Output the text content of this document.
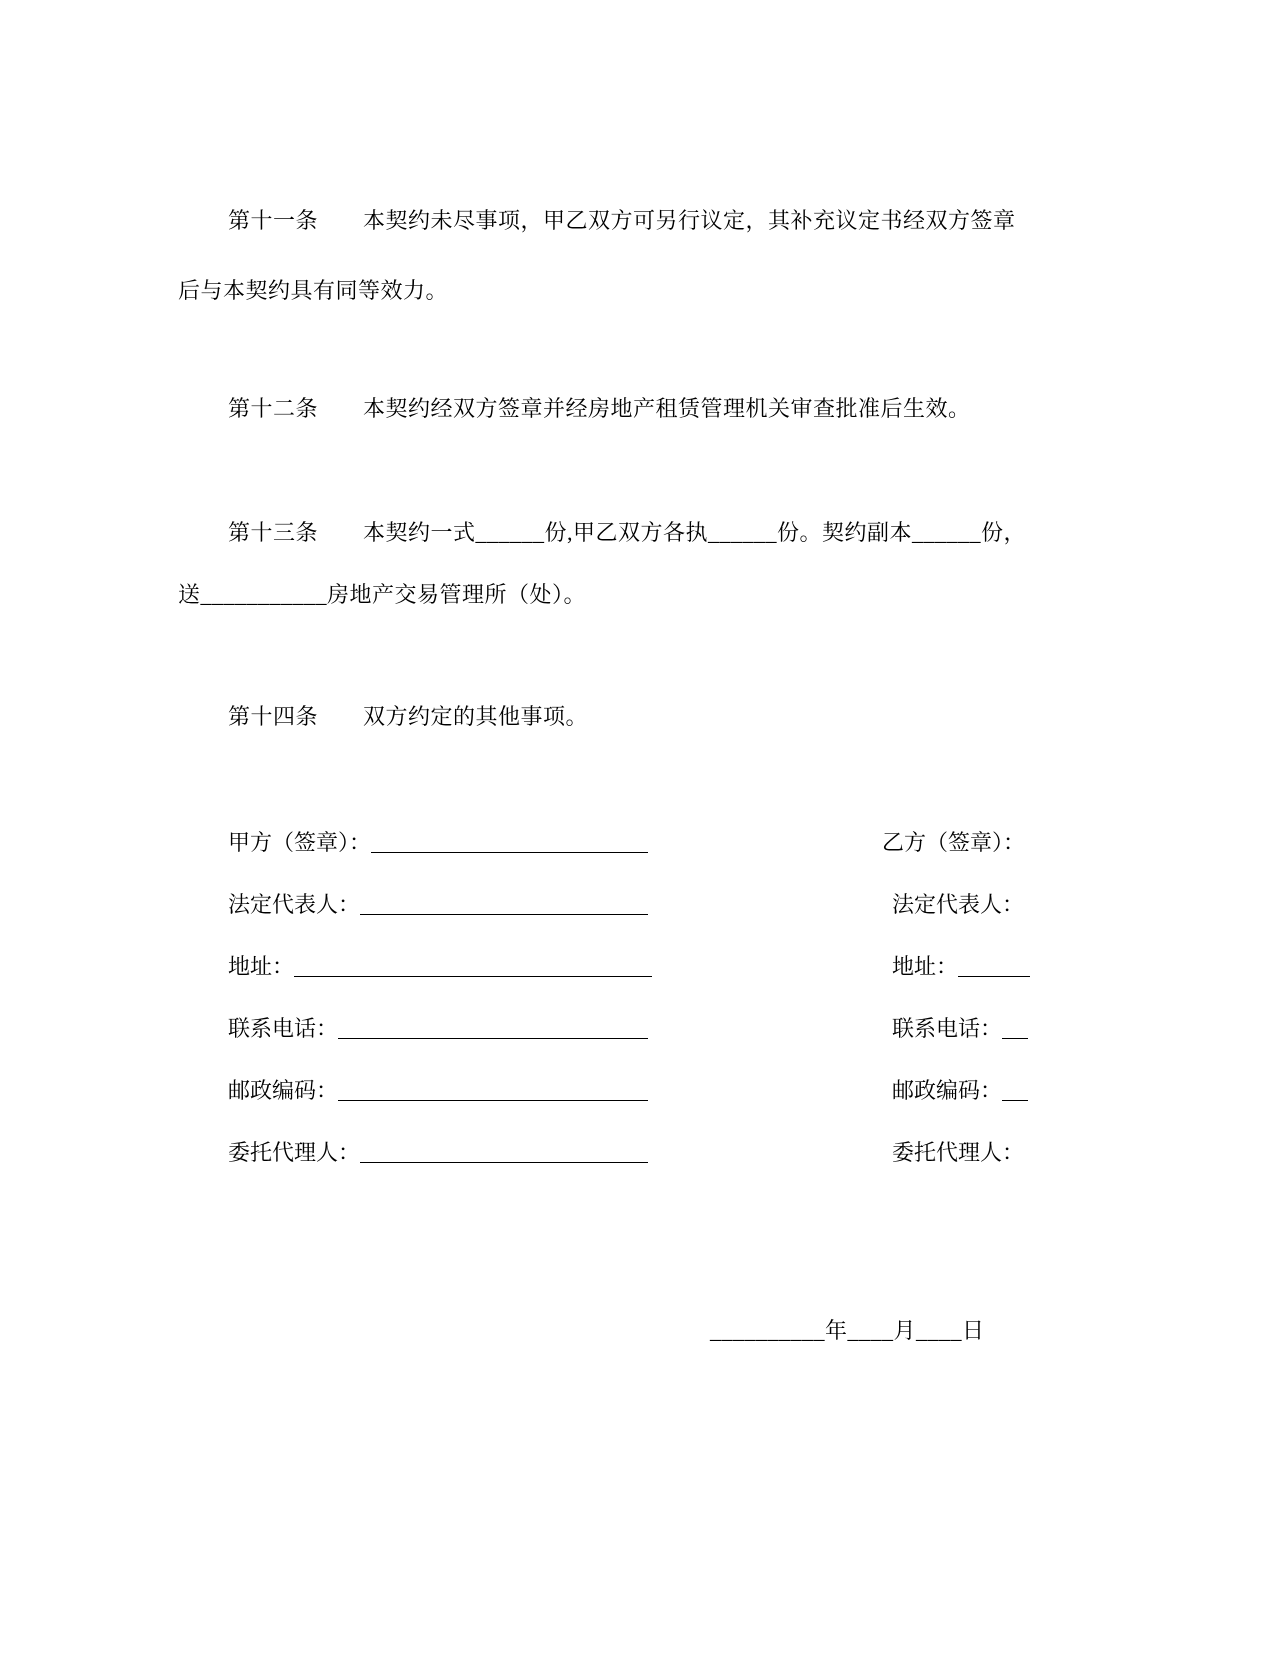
第十一条　　本契约未尽事项，甲乙双方可另行议定，其补充议定书经双方签章
后与本契约具有同等效力。
第十二条　　本契约经双方签章并经房地产租赁管理机关审查批准后生效。
第十三条　　本契约一式______份,甲乙双方各执______份。契约副本______份，
送___________房地产交易管理所（处）。
第十四条　　双方约定的其他事项。
甲方（签章）：
法定代表人：
地址：
联系电话：
邮政编码：
委托代理人：
乙方（签章）：
法定代表人：
地址：
联系电话：
邮政编码：
委托代理人：
__________年____月____日
